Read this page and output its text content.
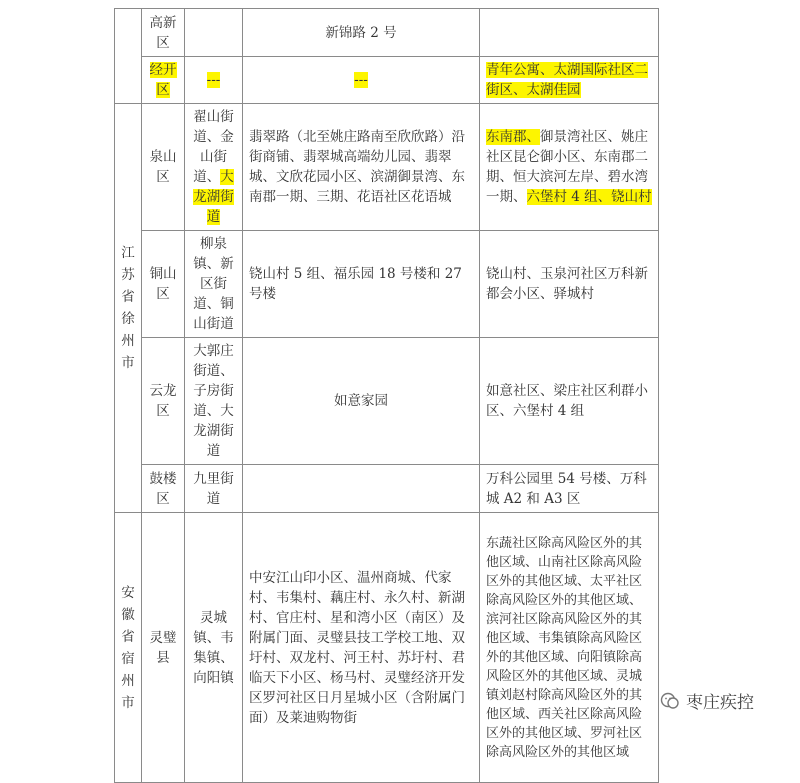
	高新区		新锦路 2 号	
	经开区	---	---	青年公寓、太湖国际社区二街区、太湖佳园
江苏省徐州市	泉山区	翟山街道、金山街道、大龙湖街道	翡翠路（北至姚庄路南至欣欣路）沿街商铺、翡翠城高端幼儿园、翡翠城、文欣花园小区、滨湖御景湾、东南郡一期、三期、花语社区花语城	东南郡、御景湾社区、姚庄社区昆仑御小区、东南郡二期、恒大滨河左岸、碧水湾一期、六堡村 4 组、铙山村
	铜山区	柳泉镇、新区街道、铜山街道	铙山村 5 组、福乐园 18 号楼和 27 号楼	铙山村、玉泉河社区万科新都会小区、驿城村
	云龙区	大郭庄街道、子房街道、大龙湖街道	如意家园	如意社区、梁庄社区利群小区、六堡村 4 组
	鼓楼区	九里街道		万科公园里 54 号楼、万科城 A2 和 A3 区
安徽省宿州市	灵璧县	灵城镇、韦集镇、向阳镇	中安江山印小区、温州商城、代家村、韦集村、藕庄村、永久村、新湖村、官庄村、星和湾小区（南区）及附属门面、灵璧县技工学校工地、双圩村、双龙村、河王村、苏圩村、君临天下小区、杨马村、灵璧经济开发区罗河社区日月星城小区（含附属门面）及莱迪购物街	东蔬社区除高风险区外的其他区域、山南社区除高风险区外的其他区域、太平社区除高风险区外的其他区域、滨河社区除高风险区外的其他区域、韦集镇除高风险区外的其他区域、向阳镇除高风险区外的其他区域、灵城镇刘赵村除高风险区外的其他区域、西关社区除高风险区外的其他区域、罗河社区除高风险区外的其他区域
枣庄疾控
